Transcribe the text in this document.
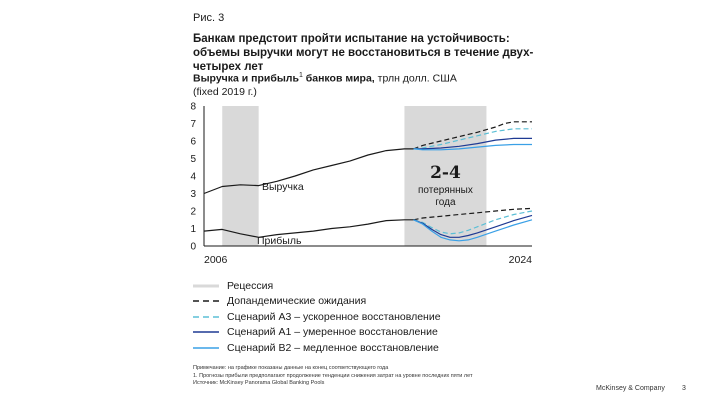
Рис. 3
Банкам предстоит пройти испытание на устойчивость: объемы выручки могут не восстановиться в течение двух-четырех лет
Выручка и прибыль$^1$ банков мира, трлн долл. США
(fixed 2019 г.)
0
1
2
3
4
5
6
7
8
2006	2024
Выручка
Прибыль
2-4
потерянных
года
Рецессия
Допандемические ожидания
Сценарий A3 – ускоренное восстановление
Сценарий A1 – умеренное восстановление
Сценарий B2 – медленное восстановление
Примечание: на графике показаны данные на конец соответствующего года
1. Прогнозы прибыли предполагают продолжение тенденции снижения затрат на уровне последних пяти лет
Источник: McKinsey Panorama Global Banking Pools
McKinsey & Company 3
